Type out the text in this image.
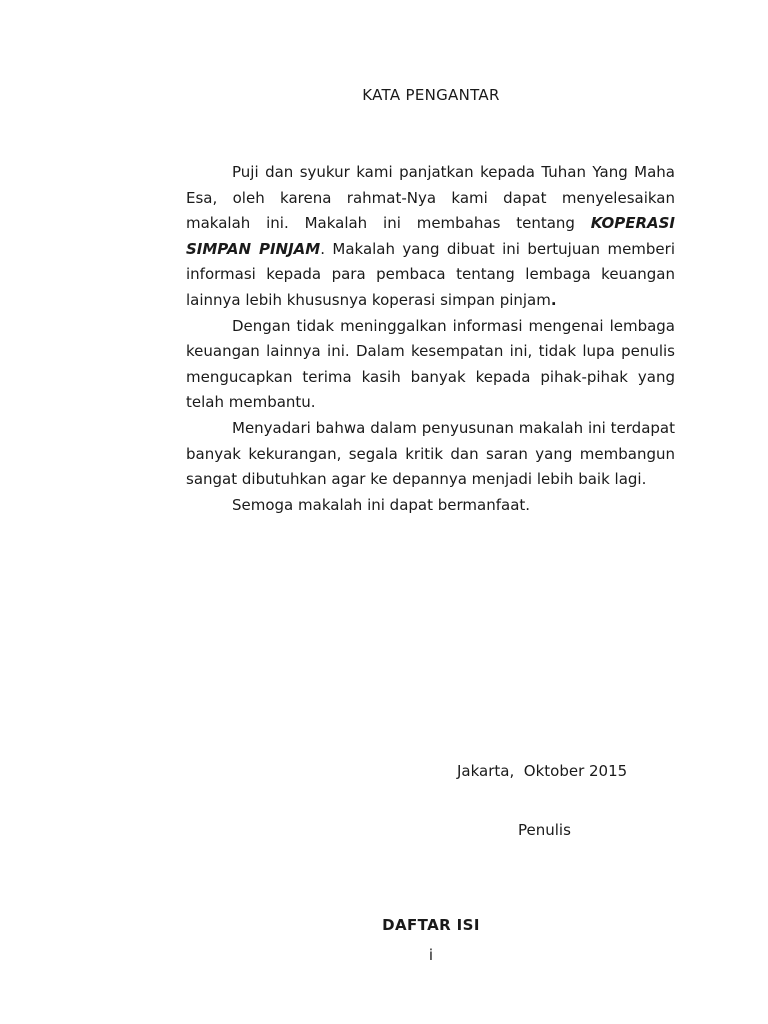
KATA PENGANTAR

Puji dan syukur kami panjatkan kepada Tuhan Yang Maha Esa, oleh karena rahmat-Nya kami dapat menyelesaikan makalah ini. Makalah ini membahas tentang KOPERASI SIMPAN PINJAM. Makalah yang dibuat ini bertujuan memberi informasi kepada para pembaca tentang lembaga keuangan lainnya lebih khususnya koperasi simpan pinjam.

Dengan tidak meninggalkan informasi mengenai lembaga keuangan lainnya ini. Dalam kesempatan ini, tidak lupa penulis mengucapkan terima kasih banyak kepada pihak-pihak yang telah membantu.

Menyadari bahwa dalam penyusunan makalah ini terdapat banyak kekurangan, segala kritik dan saran yang membangun sangat dibutuhkan agar ke depannya menjadi lebih baik lagi.

Semoga makalah ini dapat bermanfaat.

Jakarta,  Oktober 2015
Penulis
DAFTAR ISI
i
